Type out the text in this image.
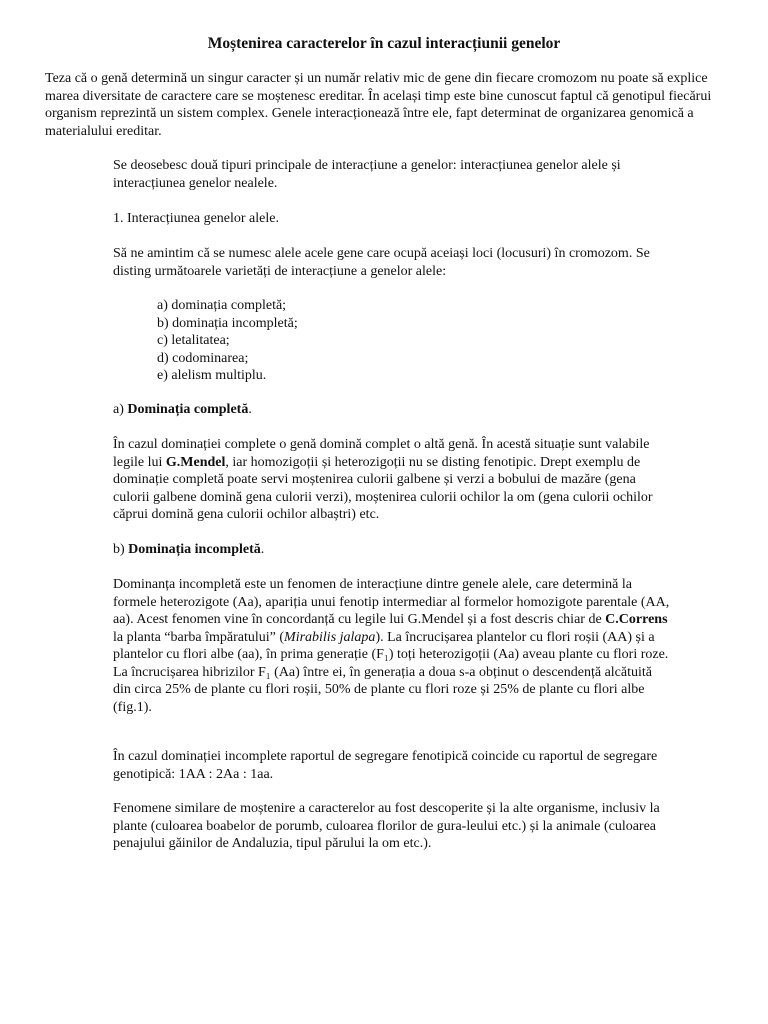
Moștenirea caracterelor în cazul interacțiunii genelor
Teza că o genă determină un singur caracter și un număr relativ mic de gene din fiecare cromozom nu poate să explice marea diversitate de caractere care se moștenesc ereditar. În același timp este bine cunoscut faptul că genotipul fiecărui organism reprezintă un sistem complex. Genele interacționează între ele, fapt determinat de organizarea genomică a materialului ereditar.
Se deosebesc două tipuri principale de interacțiune a genelor: interacțiunea genelor alele și interacțiunea genelor nealele.
1. Interacțiunea genelor alele.
Să ne amintim că se numesc alele acele gene care ocupă aceiași loci (locusuri) în cromozom. Se disting următoarele varietăți de interacțiune a genelor alele:
a) dominația completă;
b) dominația incompletă;
c) letalitatea;
d) codominarea;
e) alelism multiplu.
a) Dominația completă.
În cazul dominației complete o genă domină complet o altă genă. În acestă situație sunt valabile legile lui G.Mendel, iar homozigoții și heterozigoții nu se disting fenotipic. Drept exemplu de dominație completă poate servi moștenirea culorii galbene și verzi a bobului de mazăre (gena culorii galbene domină gena culorii verzi), moștenirea culorii ochilor la om (gena culorii ochilor căprui domină gena culorii ochilor albaștri) etc.
b) Dominația incompletă.
Dominanța incompletă este un fenomen de interacțiune dintre genele alele, care determină la formele heterozigote (Aa), apariția unui fenotip intermediar al formelor homozigote parentale (AA, aa). Acest fenomen vine în concordanță cu legile lui G.Mendel și a fost descris chiar de C.Correns la planta “barba împăratului” (Mirabilis jalapa). La încrucișarea plantelor cu flori roșii (AA) și a plantelor cu flori albe (aa), în prima generație (F₁) toți heterozigoții (Aa) aveau plante cu flori roze. La încrucișarea hibrizilor F₁ (Aa) între ei, în generația a doua s-a obținut o descendență alcătuită din circa 25% de plante cu flori roșii, 50% de plante cu flori roze și 25% de plante cu flori albe (fig.1).
În cazul dominației incomplete raportul de segregare fenotipică coincide cu raportul de segregare genotipică: 1AA : 2Aa : 1aa.
Fenomene similare de moștenire a caracterelor au fost descoperite și la alte organisme, inclusiv la plante (culoarea boabelor de porumb, culoarea florilor de gura-leului etc.) și la animale (culoarea penajului găinilor de Andaluzia, tipul părului la om etc.).
